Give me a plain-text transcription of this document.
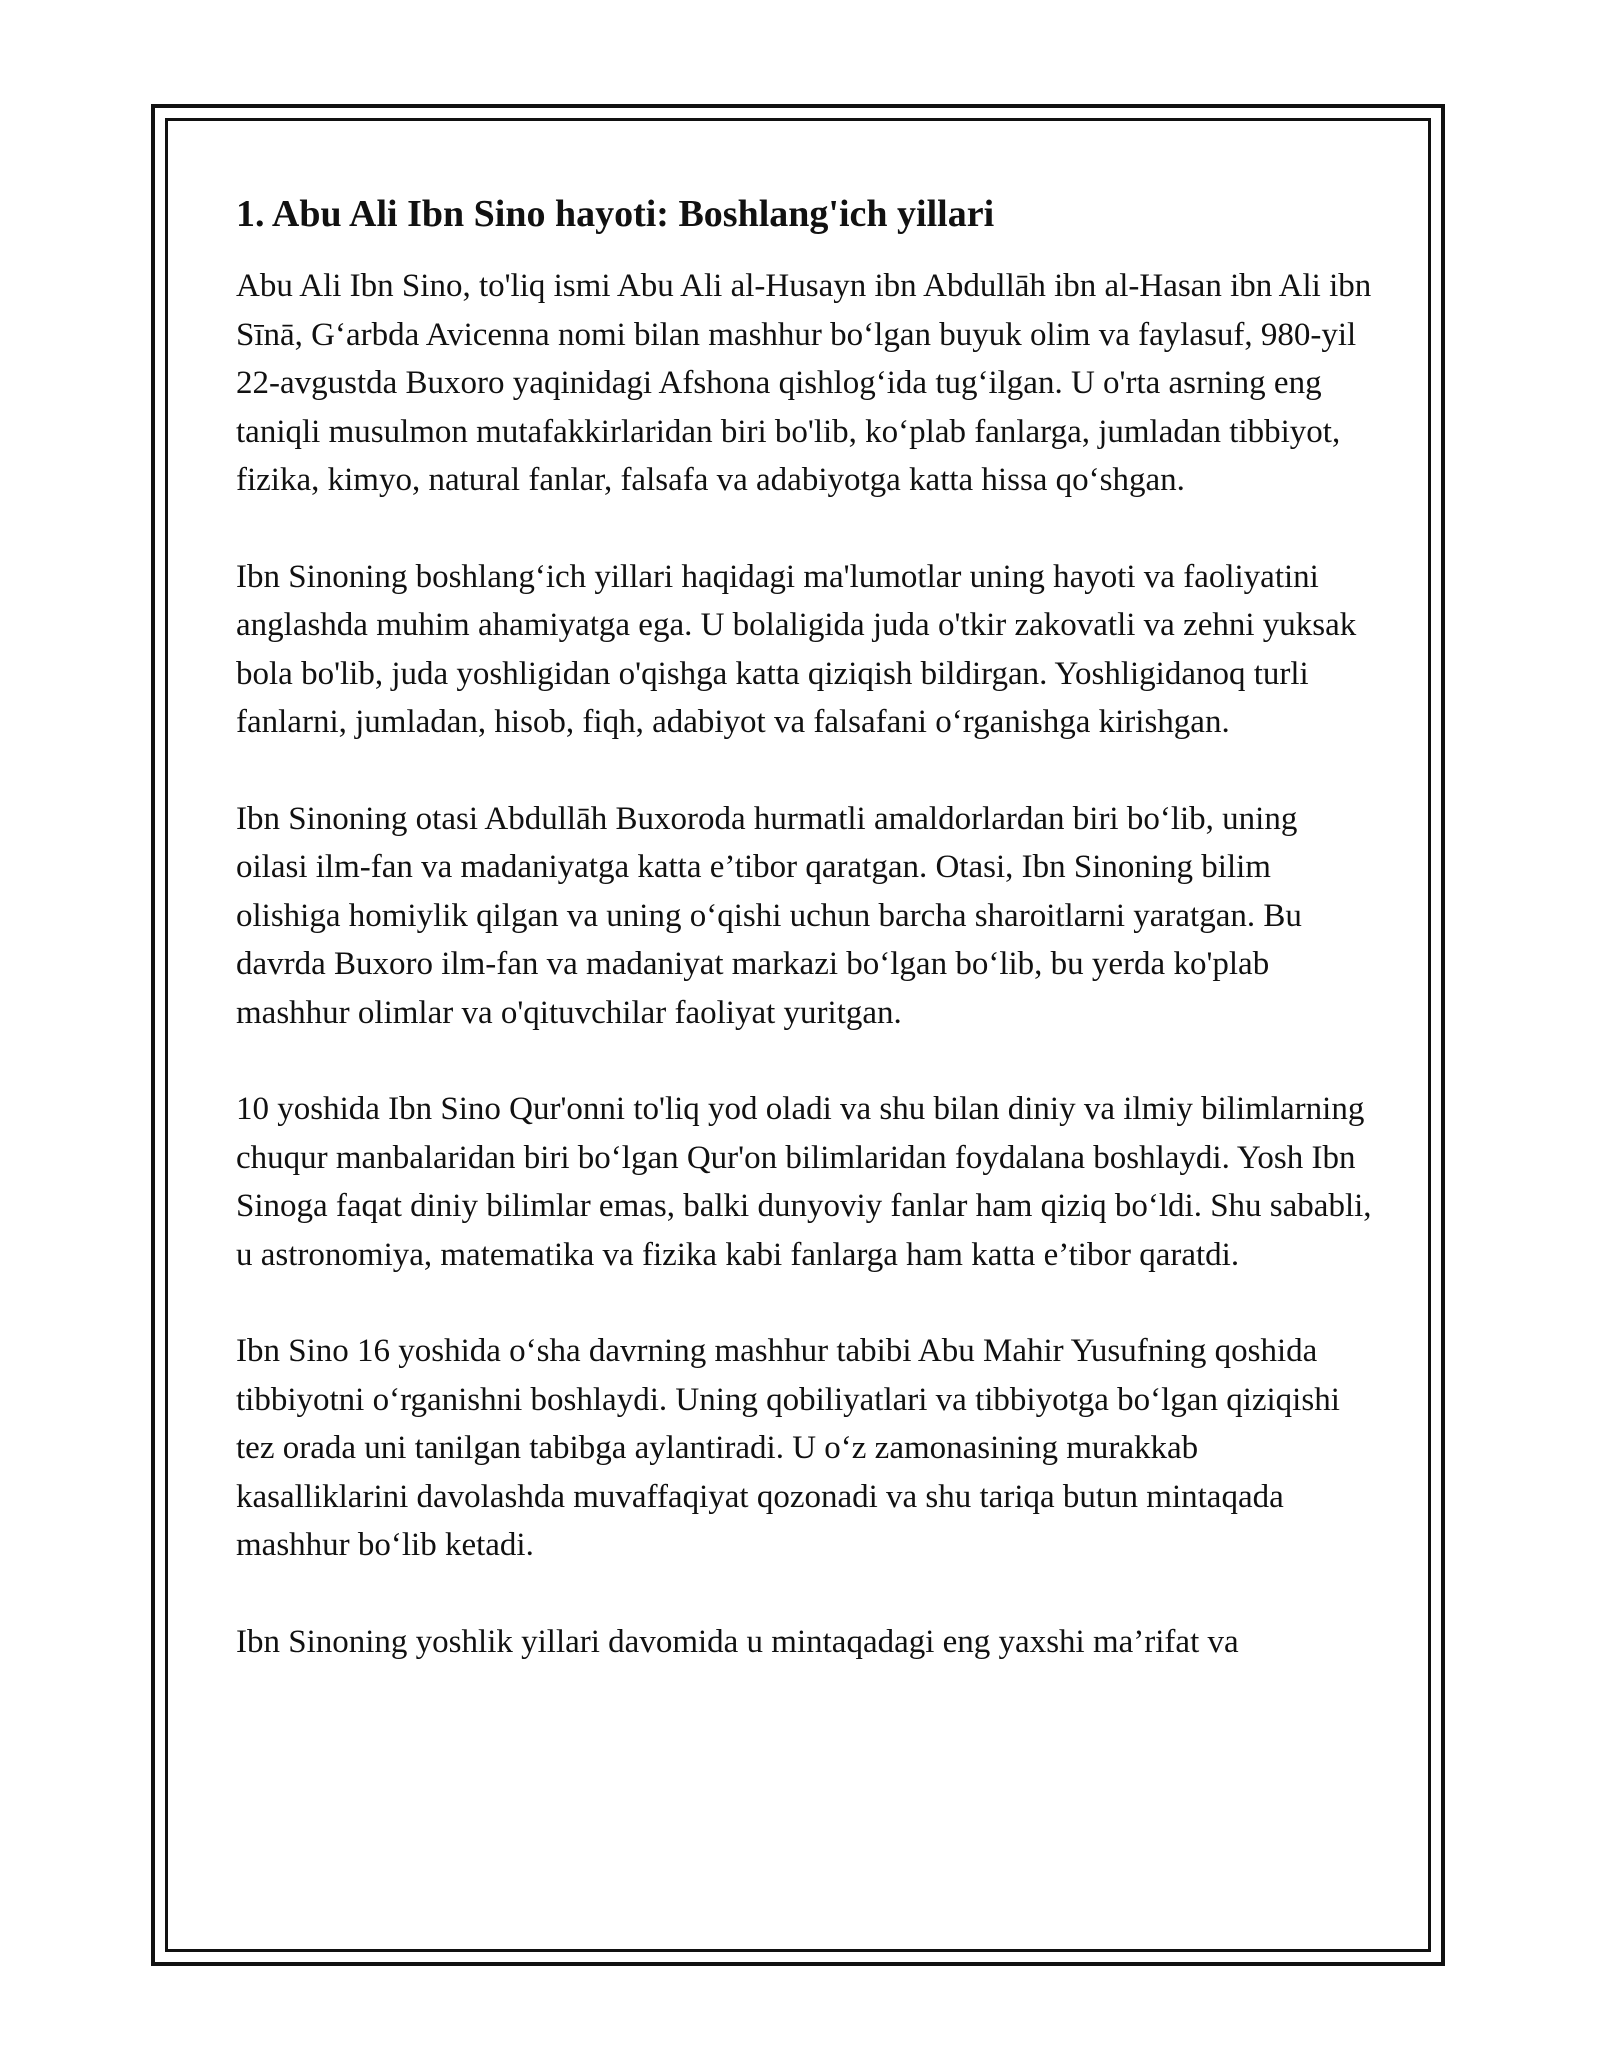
1. Abu Ali Ibn Sino hayoti: Boshlang'ich yillari

Abu Ali Ibn Sino, to'liq ismi Abu Ali al-Husayn ibn Abdullāh ibn al-Hasan ibn Ali ibn Sīnā, G‘arbda Avicenna nomi bilan mashhur bo‘lgan buyuk olim va faylasuf, 980-yil 22-avgustda Buxoro yaqinidagi Afshona qishlog‘ida tug‘ilgan. U o'rta asrning eng taniqli musulmon mutafakkirlaridan biri bo'lib, ko‘plab fanlarga, jumladan tibbiyot, fizika, kimyo, natural fanlar, falsafa va adabiyotga katta hissa qo‘shgan.

Ibn Sinoning boshlang‘ich yillari haqidagi ma'lumotlar uning hayoti va faoliyatini anglashda muhim ahamiyatga ega. U bolaligida juda o'tkir zakovatli va zehni yuksak bola bo'lib, juda yoshligidan o'qishga katta qiziqish bildirgan. Yoshligidanoq turli fanlarni, jumladan, hisob, fiqh, adabiyot va falsafani o‘rganishga kirishgan.

Ibn Sinoning otasi Abdullāh Buxoroda hurmatli amaldorlardan biri bo‘lib, uning oilasi ilm-fan va madaniyatga katta e’tibor qaratgan. Otasi, Ibn Sinoning bilim olishiga homiylik qilgan va uning o‘qishi uchun barcha sharoitlarni yaratgan. Bu davrda Buxoro ilm-fan va madaniyat markazi bo‘lgan bo‘lib, bu yerda ko'plab mashhur olimlar va o'qituvchilar faoliyat yuritgan.

10 yoshida Ibn Sino Qur'onni to'liq yod oladi va shu bilan diniy va ilmiy bilimlarning chuqur manbalaridan biri bo‘lgan Qur'on bilimlaridan foydalana boshlaydi. Yosh Ibn Sinoga faqat diniy bilimlar emas, balki dunyoviy fanlar ham qiziq bo‘ldi. Shu sababli, u astronomiya, matematika va fizika kabi fanlarga ham katta e’tibor qaratdi.

Ibn Sino 16 yoshida o‘sha davrning mashhur tabibi Abu Mahir Yusufning qoshida tibbiyotni o‘rganishni boshlaydi. Uning qobiliyatlari va tibbiyotga bo‘lgan qiziqishi tez orada uni tanilgan tabibga aylantiradi. U o‘z zamonasining murakkab kasalliklarini davolashda muvaffaqiyat qozonadi va shu tariqa butun mintaqada mashhur bo‘lib ketadi.

Ibn Sinoning yoshlik yillari davomida u mintaqadagi eng yaxshi ma’rifat va
